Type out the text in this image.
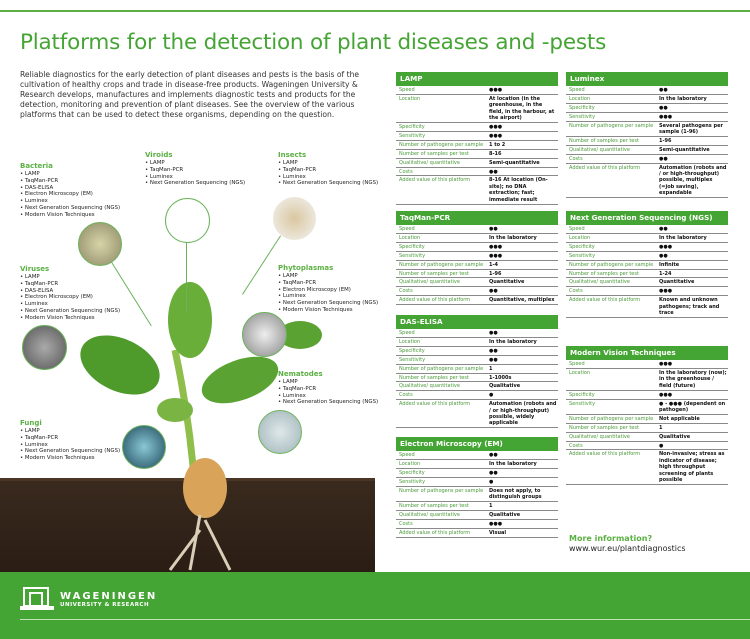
Platforms for the detection of plant diseases and -pests

Reliable diagnostics for the early detection of plant diseases and pests is the basis of the cultivation of healthy crops and trade in disease-free products. Wageningen University & Research develops, manufactures and implements diagnostic tests and products for the detection, monitoring and prevention of plant diseases. See the overview of the various platforms that can be used to detect these organisms, depending on the question.

Bacteria
• LAMP
• TaqMan-PCR
• DAS-ELISA
• Electron Microscopy (EM)
• Luminex
• Next Generation Sequencing (NGS)
• Modern Vision Techniques
Viroids
• LAMP
• TaqMan-PCR
• Luminex
• Next Generation Sequencing (NGS)
Insects
• LAMP
• TaqMan-PCR
• Luminex
• Next Generation Sequencing (NGS)
Viruses
• LAMP
• TaqMan-PCR
• DAS-ELISA
• Electron Microscopy (EM)
• Luminex
• Next Generation Sequencing (NGS)
• Modern Vision Techniques
Phytoplasmas
• LAMP
• TaqMan-PCR
• Electron Microscopy (EM)
• Luminex
• Next Generation Sequencing (NGS)
• Modern Vision Techniques
Nematodes
• LAMP
• TaqMan-PCR
• Luminex
• Next Generation Sequencing (NGS)
Fungi
• LAMP
• TaqMan-PCR
• Luminex
• Next Generation Sequencing (NGS)
• Modern Vision Techniques
LAMP
Speed	●●●
Location	At location (in the greenhouse, in the field, in the harbour, at the airport)
Specificity	●●●
Sensitivity	●●●
Number of pathogens per sample	1 to 2
Number of samples per test	8-16
Qualitative/ quantitative	Semi-quantitative
Costs	●●
Added value of this platform	8-16 At location (On-site); no DNA extraction; fast; immediate result
TaqMan-PCR
Speed	●●
Location	In the laboratory
Specificity	●●●
Sensitivity	●●●
Number of pathogens per sample	1-4
Number of samples per test	1-96
Qualitative/ quantitative	Quantitative
Costs	●●
Added value of this platform	Quantitative, multiplex
DAS-ELISA
Speed	●●
Location	In the laboratory
Specificity	●●
Sensitivity	●●
Number of pathogens per sample	1
Number of samples per test	1-1000s
Qualitative/ quantitative	Qualitative
Costs	●
Added value of this platform	Automation (robots and / or high-throughput) possible, widely applicable
Electron Microscopy (EM)
Speed	●●
Location	In the laboratory
Specificity	●●
Sensitivity	●
Number of pathogens per sample	Does not apply, to distinguish groups
Number of samples per test	1
Qualitative/ quantitative	Qualitative
Costs	●●●
Added value of this platform	Visual
Luminex
Speed	●●
Location	In the laboratory
Specificity	●●
Sensitivity	●●●
Number of pathogens per sample	Several pathogens per sample (1-96)
Number of samples per test	1-96
Qualitative/ quantitative	Semi-quantitative
Costs	●●
Added value of this platform	Automation (robots and / or high-throughput) possible, multiplex (=job saving), expandable
Next Generation Sequencing (NGS)
Speed	●●
Location	In the laboratory
Specificity	●●●
Sensitivity	●●
Number of pathogens per sample	Infinite
Number of samples per test	1-24
Qualitative/ quantitative	Quantitative
Costs	●●●
Added value of this platform	Known and unknown pathogens; track and trace
Modern Vision Techniques
Speed	●●●
Location	In the laboratory (now); in the greenhouse / field (future)
Specificity	●●●
Sensitivity	● - ●●● (dependent on pathogen)
Number of pathogens per sample	Not applicable
Number of samples per test	1
Qualitative/ quantitative	Qualitative
Costs	●
Added value of this platform	Non-invasive; stress as indicator of disease; high throughput screening of plants possible
More information?
www.wur.eu/plantdiagnostics
WAGENINGEN
UNIVERSITY & RESEARCH
